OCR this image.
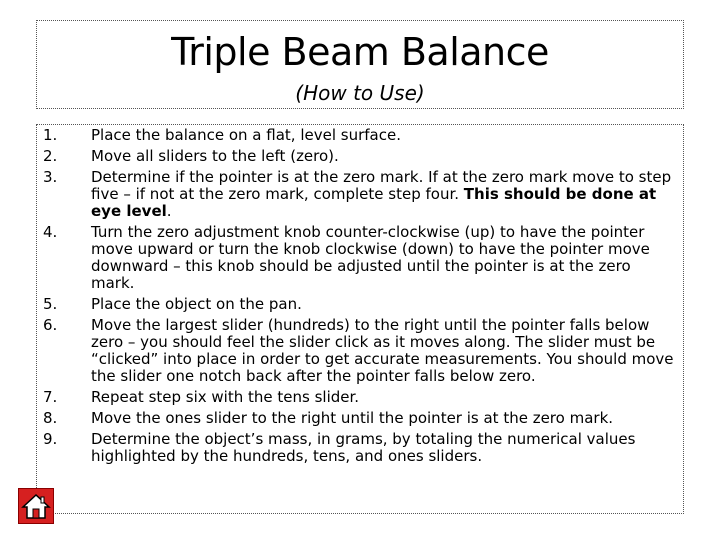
Triple Beam Balance
(How to Use)
1.	Place the balance on a flat, level surface.
2.	Move all sliders to the left (zero).
3.	Determine if the pointer is at the zero mark. If at the zero mark move to step five – if not at the zero mark, complete step four. This should be done at eye level.
4.	Turn the zero adjustment knob counter-clockwise (up) to have the pointer move upward or turn the knob clockwise (down) to have the pointer move downward – this knob should be adjusted until the pointer is at the zero mark.
5.	Place the object on the pan.
6.	Move the largest slider (hundreds) to the right until the pointer falls below zero – you should feel the slider click as it moves along. The slider must be “clicked” into place in order to get accurate measurements. You should move the slider one notch back after the pointer falls below zero.
7.	Repeat step six with the tens slider.
8.	Move the ones slider to the right until the pointer is at the zero mark.
9.	Determine the object’s mass, in grams, by totaling the numerical values highlighted by the hundreds, tens, and ones sliders.
